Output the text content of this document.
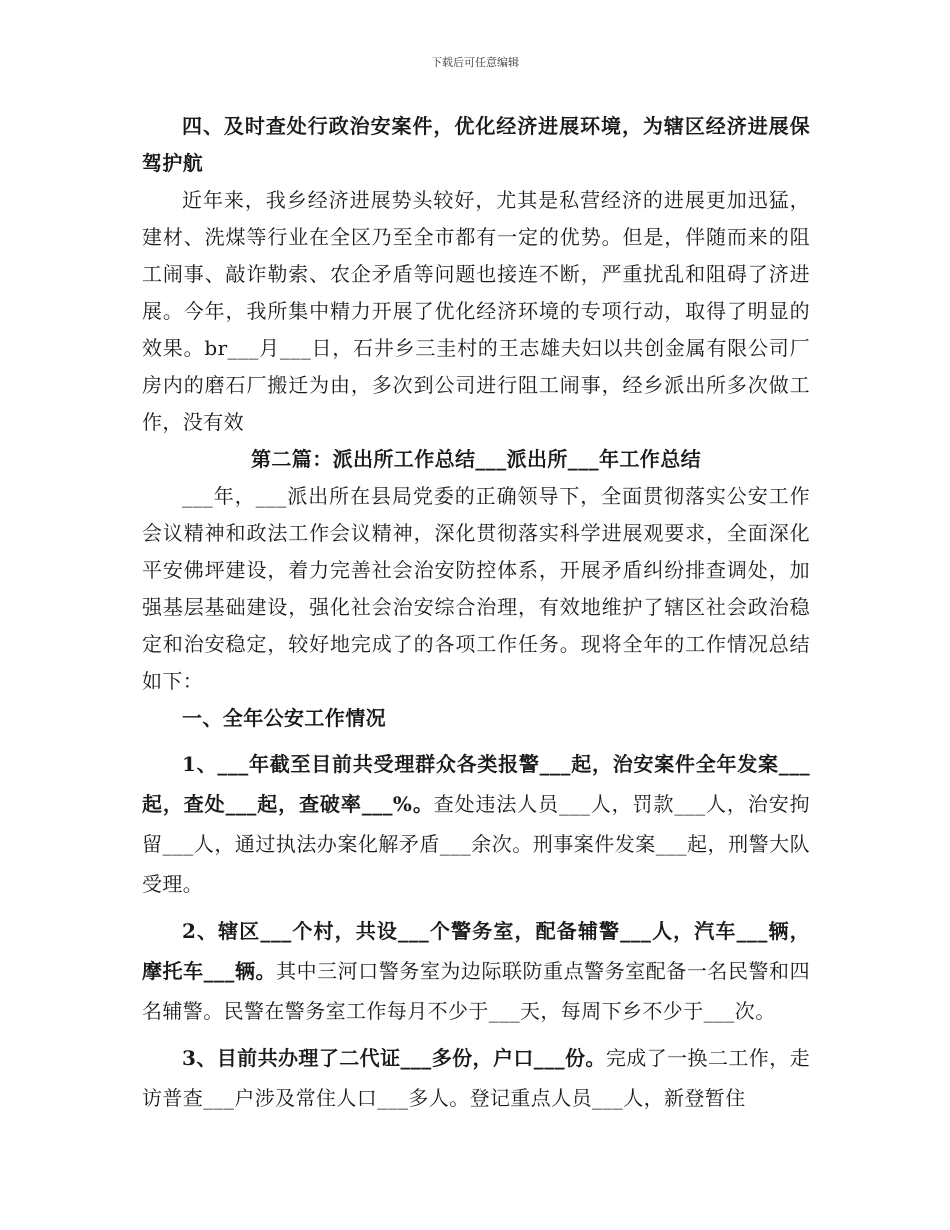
下载后可任意编辑

四、及时查处行政治安案件，优化经济进展环境，为辖区经济进展保驾护航

近年来，我乡经济进展势头较好，尤其是私营经济的进展更加迅猛，建材、洗煤等行业在全区乃至全市都有一定的优势。但是，伴随而来的阻工闹事、敲诈勒索、农企矛盾等问题也接连不断，严重扰乱和阻碍了济进展。今年，我所集中精力开展了优化经济环境的专项行动，取得了明显的效果。br___月___日，石井乡三圭村的王志雄夫妇以共创金属有限公司厂房内的磨石厂搬迁为由，多次到公司进行阻工闹事，经乡派出所多次做工作，没有效

第二篇：派出所工作总结___派出所___年工作总结

___年，___派出所在县局党委的正确领导下，全面贯彻落实公安工作会议精神和政法工作会议精神，深化贯彻落实科学进展观要求，全面深化平安佛坪建设，着力完善社会治安防控体系，开展矛盾纠纷排查调处，加强基层基础建设，强化社会治安综合治理，有效地维护了辖区社会政治稳定和治安稳定，较好地完成了的各项工作任务。现将全年的工作情况总结如下：

一、全年公安工作情况

1、___年截至目前共受理群众各类报警___起，治安案件全年发案___起，查处___起，查破率___%。查处违法人员___人，罚款___人，治安拘留___人，通过执法办案化解矛盾___余次。刑事案件发案___起，刑警大队受理。

2、辖区___个村，共设___个警务室，配备辅警___人，汽车___辆，摩托车___辆。其中三河口警务室为边际联防重点警务室配备一名民警和四名辅警。民警在警务室工作每月不少于___天，每周下乡不少于___次。

3、目前共办理了二代证___多份，户口___份。完成了一换二工作，走访普查___户涉及常住人口___多人。登记重点人员___人，新登暂住
